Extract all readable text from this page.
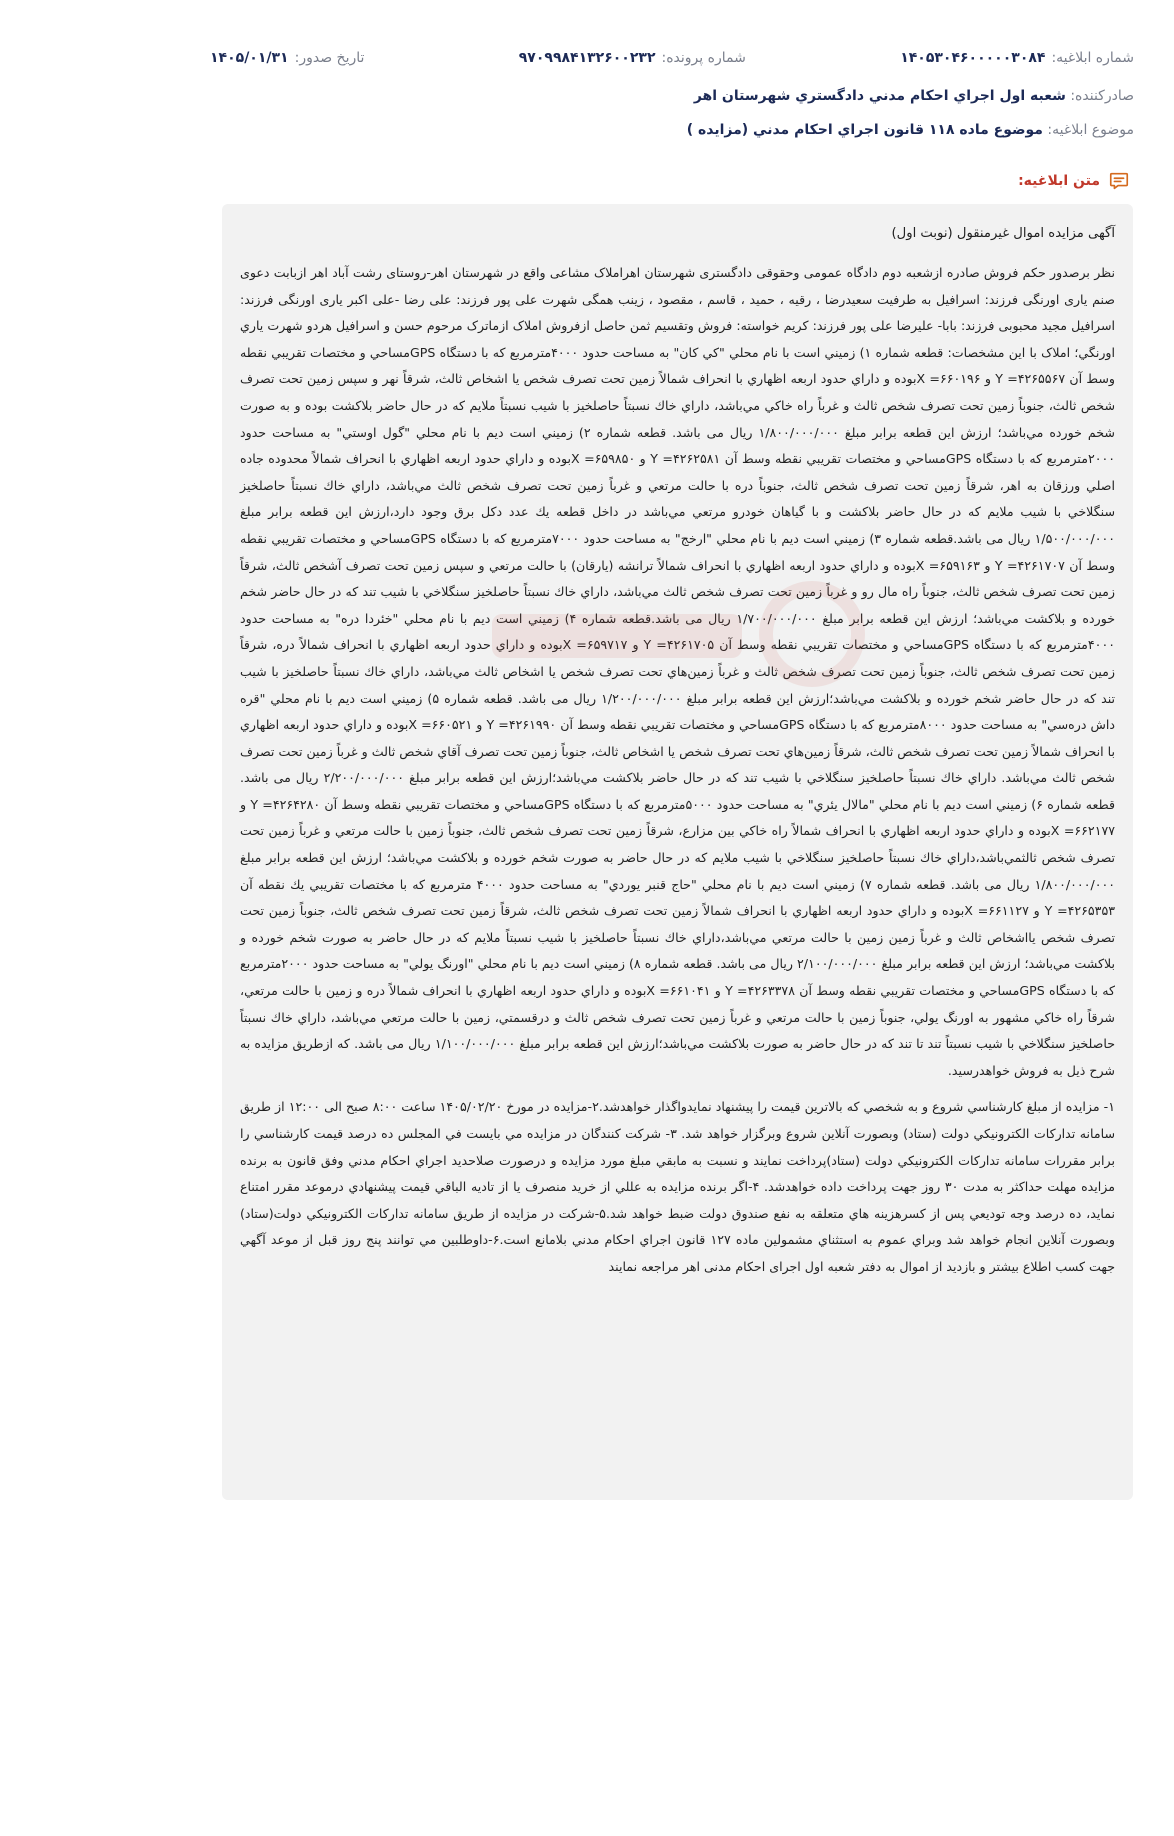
شماره ابلاغيه:
۱۴۰۵۳۰۴۶۰۰۰۰۰۳۰۸۴
شماره پرونده:
۹۷۰۹۹۸۴۱۳۲۶۰۰۲۳۲
تاريخ صدور:
۱۴۰۵/۰۱/۳۱
صادرکننده: شعبه اول اجراي احكام مدني دادگستري شهرستان اهر
موضوع ابلاغيه: موضوع ماده ۱۱۸ قانون اجراي احكام مدني (مزايده )
متن ابلاغيه:
آگهی مزایده اموال غیرمنقول (نوبت اول)

نظر برصدور حکم فروش صادره ازشعبه دوم دادگاه عمومی وحقوقی دادگستری شهرستان اهراملاک مشاعی واقع در شهرستان اهر-روستای رشت آباد اهر ازبابت دعوی صنم یاری اورنگی فرزند: اسرافیل به طرفیت سعیدرضا ، رقیه ، حمید ، قاسم ، مقصود ، زینب همگی شهرت علی پور فرزند: علی رضا -علی اکبر یاری اورنگی فرزند: اسرافیل مجید محبوبی فرزند: بابا- علیرضا علی پور فرزند: کریم خواسته: فروش وتقسیم ثمن حاصل ازفروش املاک ازماترک مرحوم حسن و اسرافيل هردو شهرت ياري اورنگي؛ املاک با اين مشخصات: قطعه شماره ۱) زميني است با نام محلي "كي كان" به مساحت حدود ۴۰۰۰مترمربع كه با دستگاه GPSمساحي و مختصات تقريبي نقطه وسط آن ۴۲۶۵۵۶۷= Y و ۶۶۰۱۹۶= Xبوده و داراي حدود اربعه اظهاري با انحراف شمالاً زمين تحت تصرف شخص يا اشخاص ثالث، شرقاً نهر و سپس زمين تحت تصرف شخص ثالث، جنوباً زمين تحت تصرف شخص ثالث و غرباً راه خاكي مي‌باشد، داراي خاك نسبتاً حاصلخيز با شيب نسبتاً ملايم كه در حال حاضر بلاكشت بوده و به صورت شخم خورده مي‌باشد؛ ارزش اين قطعه برابر مبلغ ۱/۸۰۰/۰۰۰/۰۰۰ ريال می باشد. قطعه شماره ۲) زميني است ديم با نام محلي "گول اوستي" به مساحت حدود ۲۰۰۰مترمربع كه با دستگاه GPSمساحي و مختصات تقريبي نقطه وسط آن ۴۲۶۲۵۸۱= Y و ۶۵۹۸۵۰= Xبوده و داراي حدود اربعه اظهاري با انحراف شمالاً محدوده جاده اصلي ورزقان به اهر، شرقاً زمين تحت تصرف شخص ثالث، جنوباً دره با حالت مرتعي و غرباً زمين تحت تصرف شخص ثالث مي‌باشد، داراي خاك نسبتاً حاصلخيز سنگلاخي با شيب ملايم كه در حال حاضر بلاكشت و با گياهان خودرو مرتعي مي‌باشد در داخل قطعه يك عدد دكل برق وجود دارد،ارزش اين قطعه برابر مبلغ ۱/۵۰۰/۰۰۰/۰۰۰ ريال می باشد.قطعه شماره ۳) زميني است ديم با نام محلي "ارخج" به مساحت حدود ۷۰۰۰مترمربع كه با دستگاه GPSمساحي و مختصات تقريبي نقطه وسط آن ۴۲۶۱۷۰۷= Y و ۶۵۹۱۶۳= Xبوده و داراي حدود اربعه اظهاري با انحراف شمالاً ترانشه (يارقان) با حالت مرتعي و سپس زمين تحت تصرف آشخص ثالث، شرقاً زمين تحت تصرف شخص ثالث، جنوباً راه مال رو و غرباً زمين تحت تصرف شخص ثالث مي‌باشد، داراي خاك نسبتاً حاصلخيز سنگلاخي با شيب تند كه در حال حاضر شخم خورده و بلاكشت مي‌باشد؛ ارزش اين قطعه برابر مبلغ ۱/۷۰۰/۰۰۰/۰۰۰ ريال می باشد.قطعه شماره ۴) زميني است ديم با نام محلي "خئردا دره" به مساحت حدود ۴۰۰۰مترمربع كه با دستگاه GPSمساحي و مختصات تقريبي نقطه وسط آن ۴۲۶۱۷۰۵= Y و ۶۵۹۷۱۷= Xبوده و داراي حدود اربعه اظهاري با انحراف شمالاً دره، شرقاً زمين تحت تصرف شخص ثالث، جنوباً زمين تحت تصرف شخص ثالث و غرباً زمين‌هاي تحت تصرف شخص يا اشخاص ثالث مي‌باشد، داراي خاك نسبتاً حاصلخيز با شيب تند كه در حال حاضر شخم خورده و بلاكشت مي‌باشد؛ارزش اين قطعه برابر مبلغ ۱/۲۰۰/۰۰۰/۰۰۰ ريال می باشد. قطعه شماره ۵) زميني است ديم با نام محلي "قره داش دره‌سي" به مساحت حدود ۸۰۰۰مترمربع كه با دستگاه GPSمساحي و مختصات تقريبي نقطه وسط آن ۴۲۶۱۹۹۰= Y و ۶۶۰۵۲۱= Xبوده و داراي حدود اربعه اظهاري با انحراف شمالاً زمين تحت تصرف شخص ثالث، شرقاً زمين‌هاي تحت تصرف شخص يا اشخاص ثالث، جنوباً زمين تحت تصرف آقاي شخص ثالث و غرباً زمين تحت تصرف شخص ثالث مي‌باشد. داراي خاك نسبتاً حاصلخيز سنگلاخي با شيب تند كه در حال حاضر بلاكشت مي‌باشد؛ارزش اين قطعه برابر مبلغ ۲/۲۰۰/۰۰۰/۰۰۰ ريال می باشد. قطعه شماره ۶) زميني است ديم با نام محلي "مالال يئري" به مساحت حدود ۵۰۰۰مترمربع كه با دستگاه GPSمساحي و مختصات تقريبي نقطه وسط آن ۴۲۶۴۲۸۰= Y و ۶۶۲۱۷۷= Xبوده و داراي حدود اربعه اظهاري با انحراف شمالاً راه خاكي بين مزارع، شرقاً زمين تحت تصرف شخص ثالث، جنوباً زمين با حالت مرتعي و غرباً زمين تحت تصرف شخص ثالثمي‌باشد،داراي خاك نسبتاً حاصلخيز سنگلاخي با شيب ملايم كه در حال حاضر به صورت شخم خورده و بلاكشت مي‌باشد؛ ارزش اين قطعه برابر مبلغ ۱/۸۰۰/۰۰۰/۰۰۰ ريال می باشد. قطعه شماره ۷) زميني است ديم با نام محلي "حاج قنبر يوردي" به مساحت حدود ۴۰۰۰ مترمربع كه با مختصات تقريبي يك نقطه آن ۴۲۶۵۳۵۳= Y و ۶۶۱۱۲۷= Xبوده و داراي حدود اربعه اظهاري با انحراف شمالاً زمين تحت تصرف شخص ثالث، شرقاً زمين تحت تصرف شخص ثالث، جنوباً زمين تحت تصرف شخص يااشخاص ثالث و غرباً زمين زمين با حالت مرتعي مي‌باشد،داراي خاك نسبتاً حاصلخيز با شيب نسبتاً ملايم كه در حال حاضر به صورت شخم خورده و بلاكشت مي‌باشد؛ ارزش اين قطعه برابر مبلغ ۲/۱۰۰/۰۰۰/۰۰۰ ريال می باشد. قطعه شماره ۸) زميني است ديم با نام محلي "اورنگ يولي" به مساحت حدود ۲۰۰۰مترمربع كه با دستگاه GPSمساحي و مختصات تقريبي نقطه وسط آن ۴۲۶۳۳۷۸= Y و ۶۶۱۰۴۱= Xبوده و داراي حدود اربعه اظهاري با انحراف شمالاً دره و زمين با حالت مرتعي، شرقاً راه خاكي مشهور به اورنگ يولي، جنوباً زمين با حالت مرتعي و غرباً زمين تحت تصرف شخص ثالث و درقسمتي، زمين با حالت مرتعي مي‌باشد، داراي خاك نسبتاً حاصلخيز سنگلاخي با شيب نسبتاً تند تا تند كه در حال حاضر به صورت بلاكشت مي‌باشد؛ارزش اين قطعه برابر مبلغ ۱/۱۰۰/۰۰۰/۰۰۰ ريال می باشد. كه ازطريق مزايده به شرح ذيل به فروش خواهدرسيد.

۱- مزايده از مبلغ كارشناسي شروع و به شخصي كه بالاترين قيمت را پيشنهاد نمايدواگذار خواهدشد.۲-مزايده در مورخ ۱۴۰۵/۰۲/۲۰ ساعت ۸:۰۰ صبح الی ۱۲:۰۰ از طريق سامانه تداركات الكترونيكي دولت (ستاد) وبصورت آنلاين شروع وبرگزار خواهد شد. ۳- شركت كنندگان در مزايده مي بايست في المجلس ده درصد قيمت كارشناسي را برابر مقررات سامانه تداركات الكترونيكي دولت (ستاد)پرداخت نمايند و نسبت به مابقي مبلغ مورد مزايده و درصورت صلاحديد اجراي احكام مدني وفق قانون به برنده مزايده مهلت حداكثر به مدت ۳۰ روز جهت پرداخت داده خواهدشد. ۴-اگر برنده مزايده به عللي از خريد منصرف يا از تاديه الباقي قيمت پيشنهادي درموعد مقرر امتناع نمايد، ده درصد وجه توديعي پس از كسرهزينه هاي متعلقه به نفع صندوق دولت ضبط خواهد شد.۵-شركت در مزايده از طريق سامانه تداركات الكترونيكي دولت(ستاد) وبصورت آنلاين انجام خواهد شد وبراي عموم به استثناي مشمولين ماده ۱۲۷ قانون اجراي احكام مدني بلامانع است.۶-داوطلبين مي توانند پنج روز قبل از موعد آگهي جهت كسب اطلاع بيشتر و بازديد از اموال به دفتر شعبه اول اجرای احکام مدنی اهر مراجعه نمايند
